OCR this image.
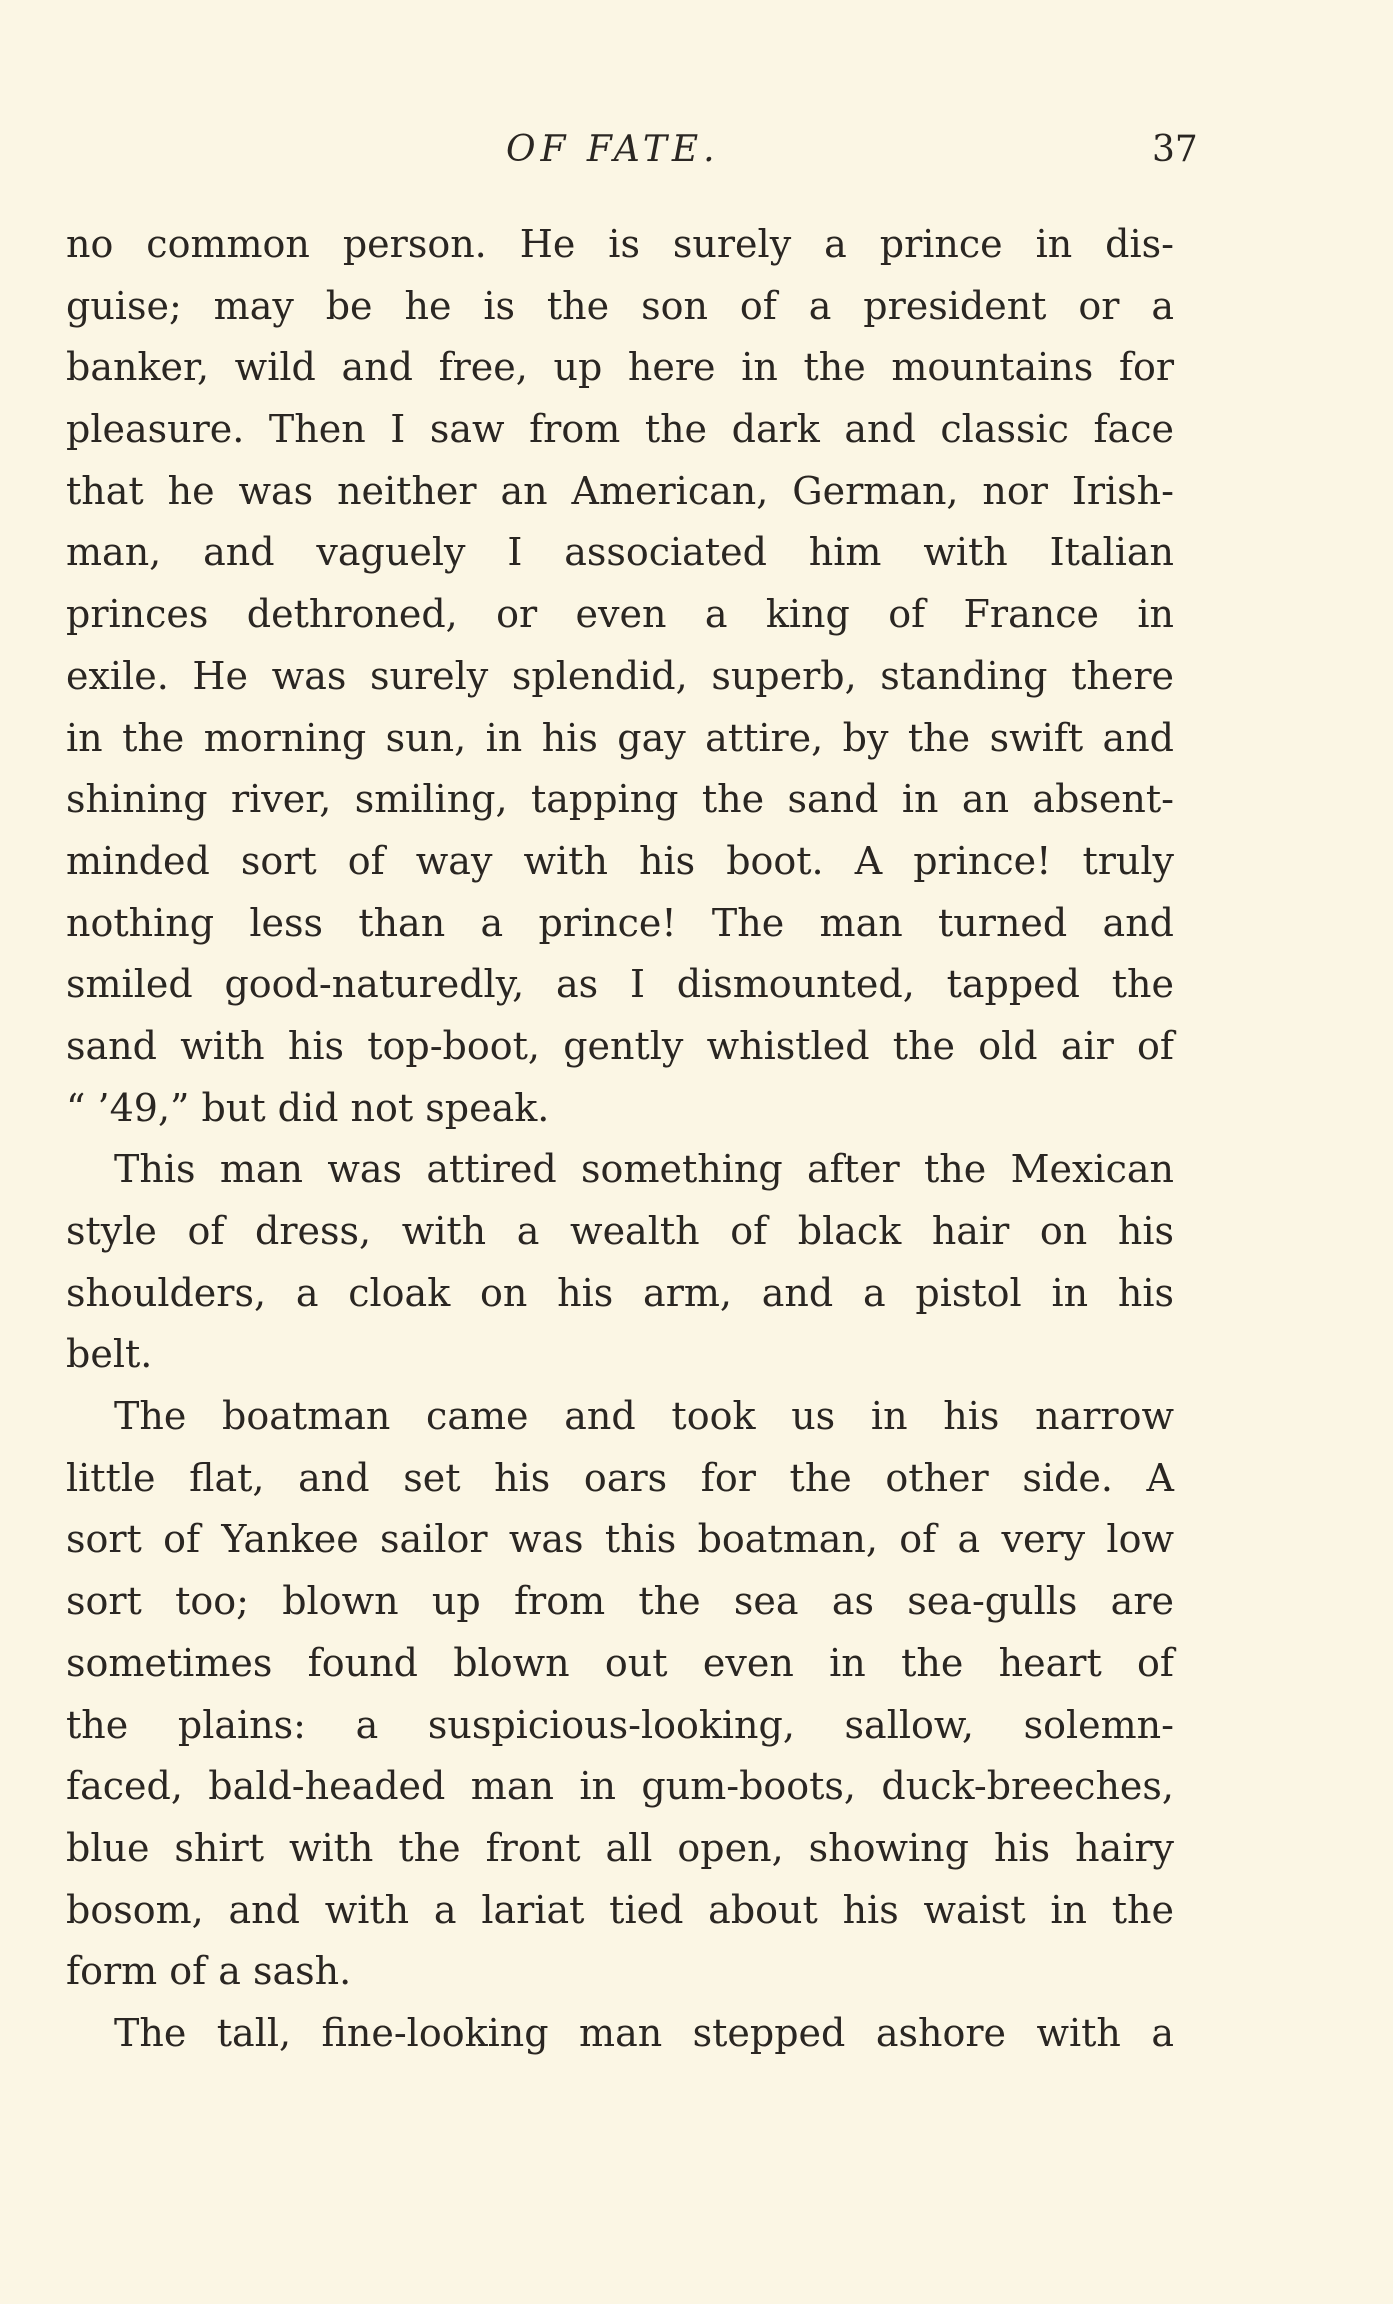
OF FATE.	37
no common person. He is surely a prince in dis-
guise; may be he is the son of a president or a
banker, wild and free, up here in the mountains for
pleasure. Then I saw from the dark and classic face
that he was neither an American, German, nor Irish-
man, and vaguely I associated him with Italian
princes dethroned, or even a king of France in
exile. He was surely splendid, superb, standing there
in the morning sun, in his gay attire, by the swift and
shining river, smiling, tapping the sand in an absent-
minded sort of way with his boot. A prince! truly
nothing less than a prince! The man turned and
smiled good-naturedly, as I dismounted, tapped the
sand with his top-boot, gently whistled the old air of
“ ’49,” but did not speak.
This man was attired something after the Mexican
style of dress, with a wealth of black hair on his
shoulders, a cloak on his arm, and a pistol in his
belt.
The boatman came and took us in his narrow
little flat, and set his oars for the other side. A
sort of Yankee sailor was this boatman, of a very low
sort too; blown up from the sea as sea-gulls are
sometimes found blown out even in the heart of
the plains: a suspicious-looking, sallow, solemn-
faced, bald-headed man in gum-boots, duck-breeches,
blue shirt with the front all open, showing his hairy
bosom, and with a lariat tied about his waist in the
form of a sash.
The tall, fine-looking man stepped ashore with a
